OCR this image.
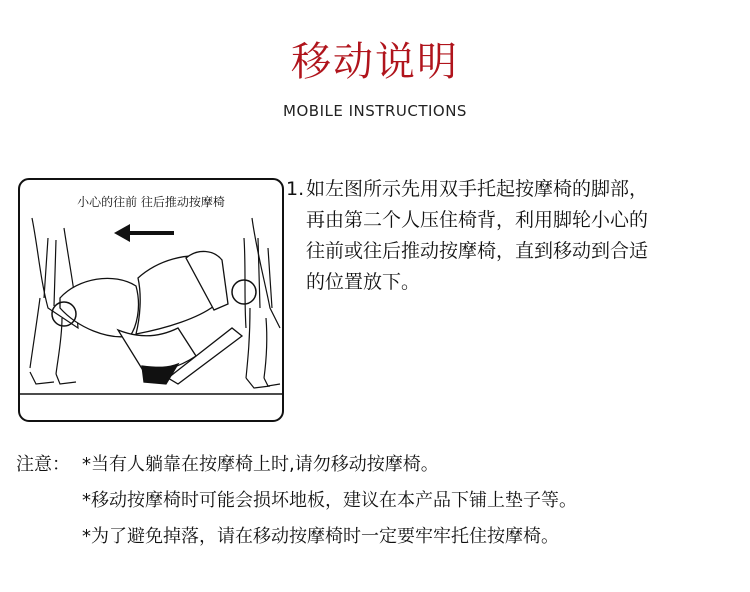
移动说明
MOBILE INSTRUCTIONS
小心的往前 往后推动按摩椅
1. 如左图所示先用双手托起按摩椅的脚部，
再由第二个人压住椅背，利用脚轮小心的
往前或往后推动按摩椅，直到移动到合适
的位置放下。
注意： *当有人躺靠在按摩椅上时,请勿移动按摩椅。
*移动按摩椅时可能会损坏地板，建议在本产品下铺上垫子等。
*为了避免掉落，请在移动按摩椅时一定要牢牢托住按摩椅。
